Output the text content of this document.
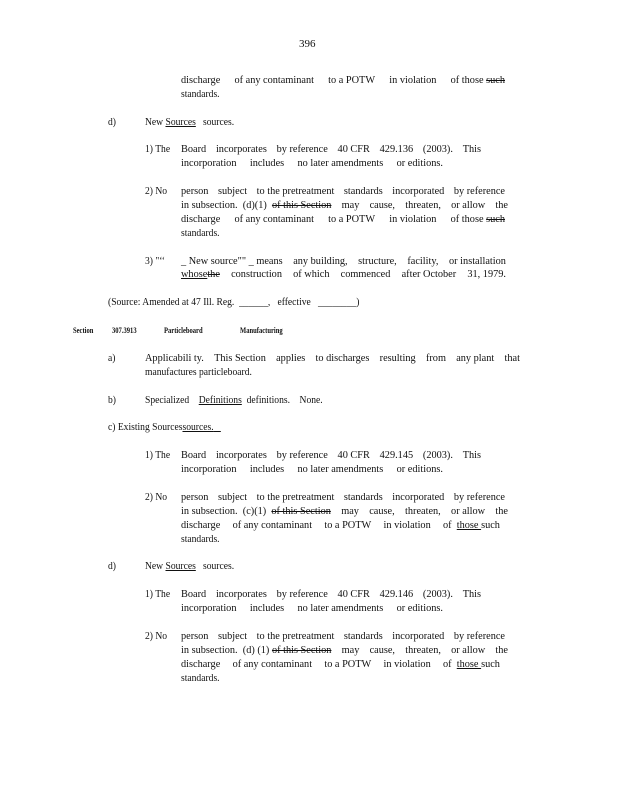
396
discharge of any contaminant to a POTW in violation of those such
standards.
d)	New Sources sources.
1) The Board incorporates by reference 40 CFR 429.136 (2003). This
incorporation includes no later amendments or editions.
2) No person subject to the pretreatment standards incorporated by reference
in subsection.  (d)(1) of this Section may cause, threaten, or allow the
discharge of any contaminant to a POTW in violation of those such
standards.
3) "‘‘ _ New source"" _ means any building, structure, facility, or installation
whosethe construction of which commenced after October 31, 1979.
(Source: Amended at 47 Ill. Reg. ______, effective ________)
Section 307.3913	Particleboard	Manufacturing
a)	Applicabili ty. This Section applies to discharges resulting from any plant that
manufactures particleboard.
b)	Specialized Definitions definitions. None.
c) Existing Sourcessources.
1) The Board incorporates by reference 40 CFR 429.145 (2003). This
incorporation includes no later amendments or editions.
2) No person subject to the pretreatment standards incorporated by reference
in subsection.  (c)(1) of this Section may cause, threaten, or allow the
discharge of any contaminant to a POTW in violation of those such
standards.
d)	New Sources sources.
1) The Board incorporates by reference 40 CFR 429.146 (2003). This
incorporation includes no later amendments or editions.
2) No person subject to the pretreatment standards incorporated by reference
in subsection.  (d) (1) of this Section may cause, threaten, or allow the
discharge of any contaminant to a POTW in violation of those such
standards.
